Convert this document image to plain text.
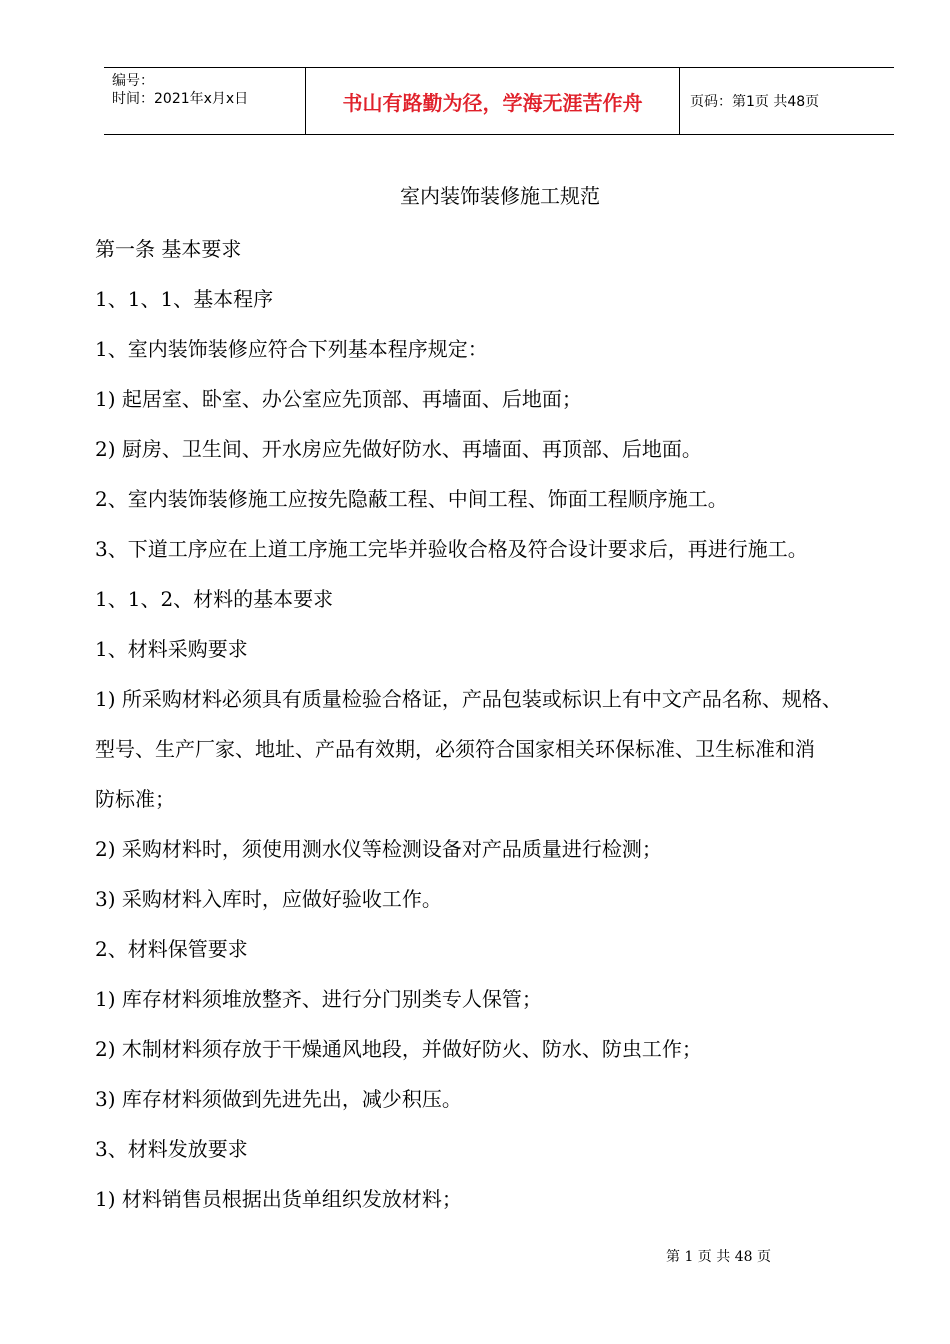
编号：
时间：2021年x月x日	书山有路勤为径，学海无涯苦作舟	页码：第1页 共48页
室内装饰装修施工规范
第一条 基本要求
1、1、1、基本程序
1、室内装饰装修应符合下列基本程序规定：
1) 起居室、卧室、办公室应先顶部、再墙面、后地面；
2) 厨房、卫生间、开水房应先做好防水、再墙面、再顶部、后地面。
2、室内装饰装修施工应按先隐蔽工程、中间工程、饰面工程顺序施工。
3、下道工序应在上道工序施工完毕并验收合格及符合设计要求后，再进行施工。
1、1、2、材料的基本要求
1、材料采购要求
1) 所采购材料必须具有质量检验合格证，产品包装或标识上有中文产品名称、规格、
型号、生产厂家、地址、产品有效期，必须符合国家相关环保标准、卫生标准和消
防标准；
2) 采购材料时，须使用测水仪等检测设备对产品质量进行检测；
3) 采购材料入库时，应做好验收工作。
2、材料保管要求
1) 库存材料须堆放整齐、进行分门别类专人保管；
2) 木制材料须存放于干燥通风地段，并做好防火、防水、防虫工作；
3) 库存材料须做到先进先出，减少积压。
3、材料发放要求
1) 材料销售员根据出货单组织发放材料；
第 1 页 共 48 页
